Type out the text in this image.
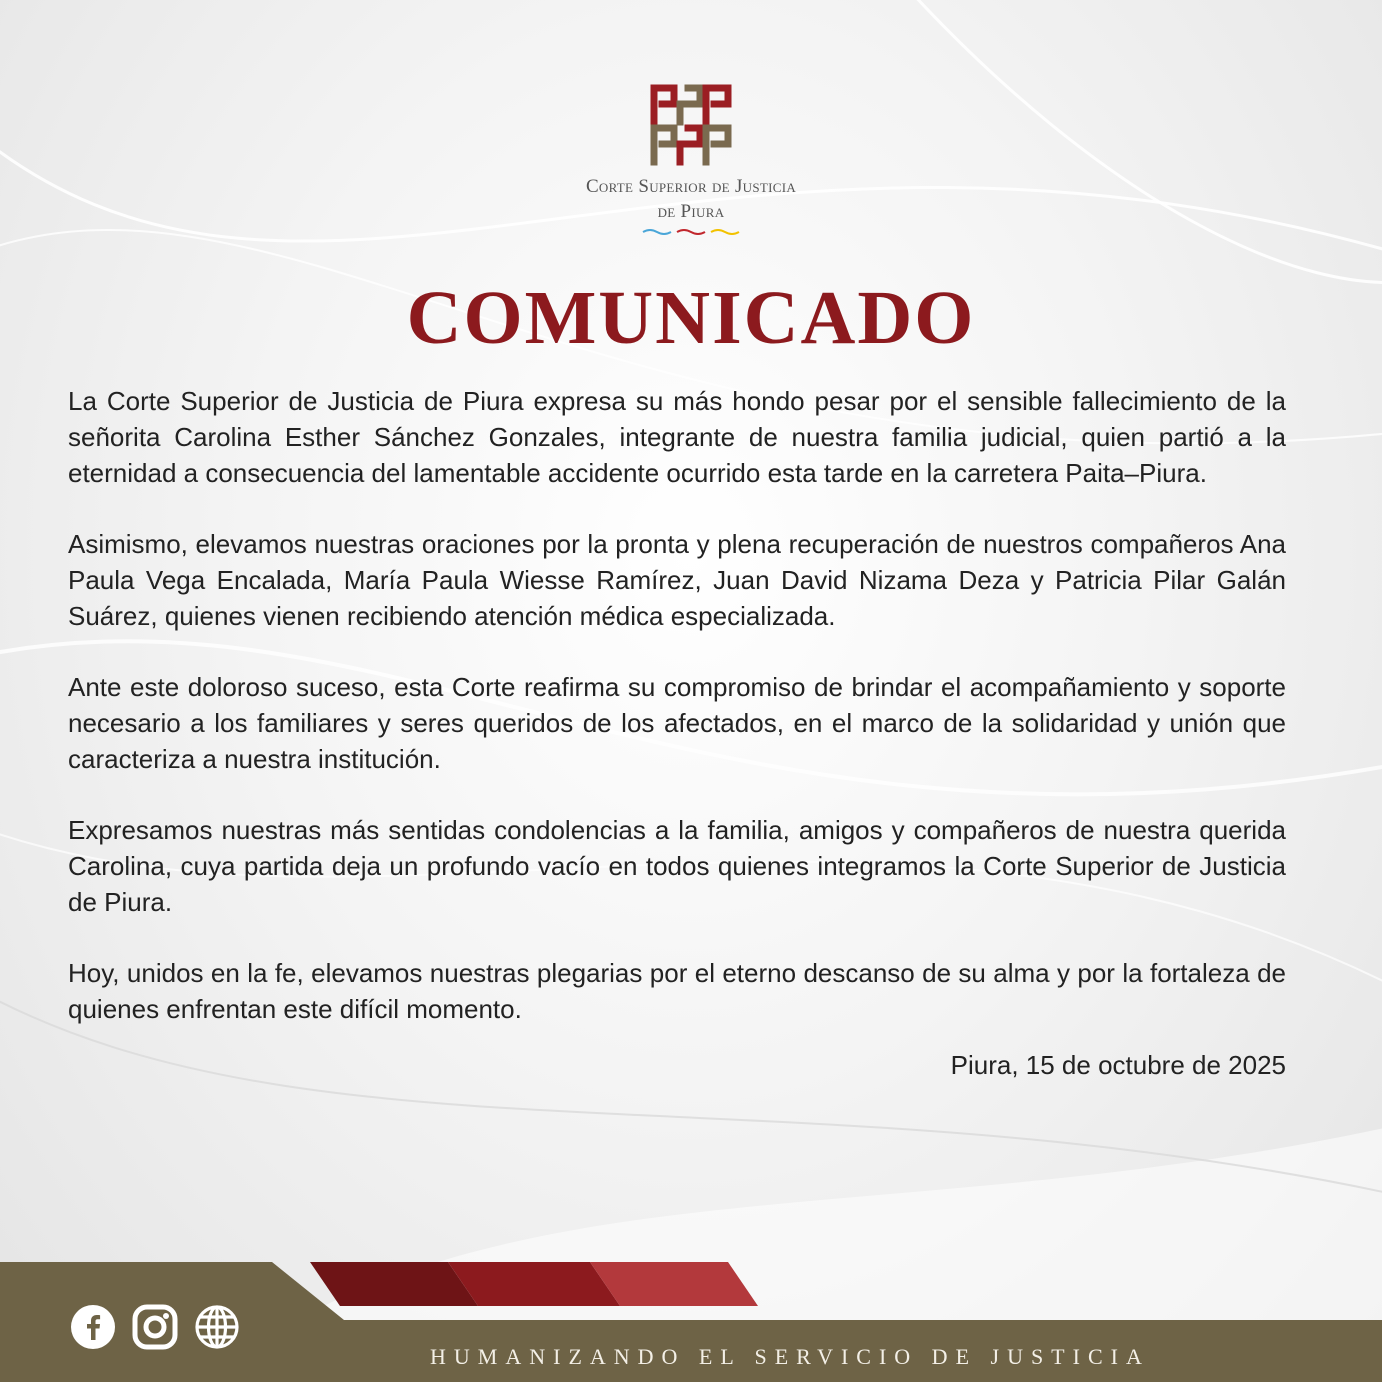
Corte Superior de Justicia
de Piura
COMUNICADO

La Corte Superior de Justicia de Piura expresa su más hondo pesar por el sensible fallecimiento de la señorita Carolina Esther Sánchez Gonzales, integrante de nuestra familia judicial, quien partió a la eternidad a consecuencia del lamentable accidente ocurrido esta tarde en la carretera Paita–Piura.

Asimismo, elevamos nuestras oraciones por la pronta y plena recuperación de nuestros compañeros Ana Paula Vega Encalada, María Paula Wiesse Ramírez, Juan David Nizama Deza y Patricia Pilar Galán Suárez, quienes vienen recibiendo atención médica especializada.

Ante este doloroso suceso, esta Corte reafirma su compromiso de brindar el acompañamiento y soporte necesario a los familiares y seres queridos de los afectados, en el marco de la solidaridad y unión que caracteriza a nuestra institución.

Expresamos nuestras más sentidas condolencias a la familia, amigos y compañeros de nuestra querida Carolina, cuya partida deja un profundo vacío en todos quienes integramos la Corte Superior de Justicia de Piura.

Hoy, unidos en la fe, elevamos nuestras plegarias por el eterno descanso de su alma y por la fortaleza de quienes enfrentan este difícil momento.

Piura, 15 de octubre de 2025
HUMANIZANDO EL SERVICIO DE JUSTICIA
